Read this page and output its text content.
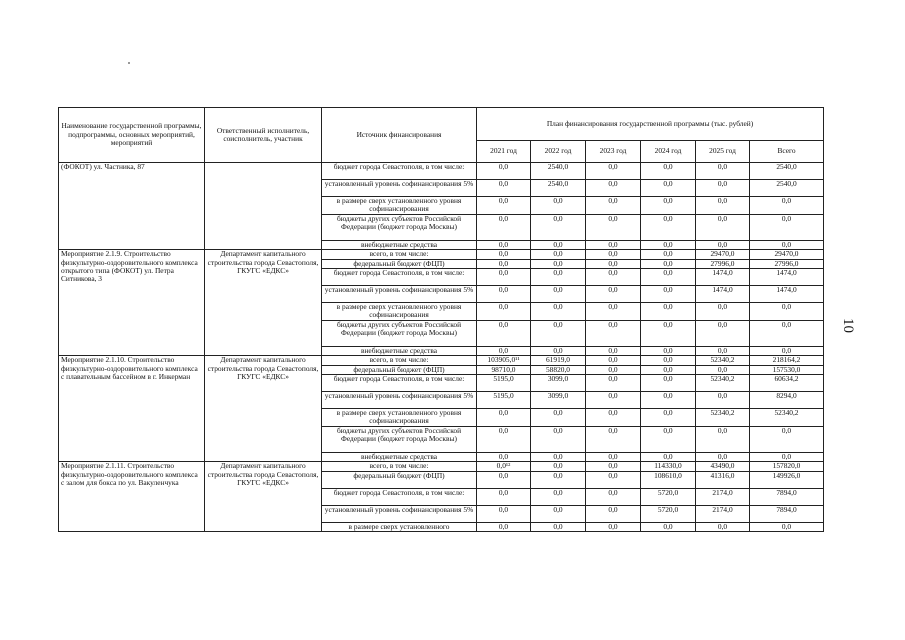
10
Наименование государственной программы, подпрограммы, основных мероприятий, мероприятий	Ответственный исполнитель, соисполнитель, участник	Источник финансирования	План финансирования государственной программы (тыс. рублей)					
			2021 год	2022 год	2023 год	2024 год	2025 год	Всего
(ФОКОТ) ул. Частника, 87		бюджет города Севастополя, в том числе:	0,0	2540,0	0,0	0,0	0,0	2540,0
		установленный уровень софинансирования 5%	0,0	2540,0	0,0	0,0	0,0	2540,0
		в размере сверх установленного уровня софинансирования	0,0	0,0	0,0	0,0	0,0	0,0
		бюджеты других субъектов Российской Федерации (бюджет города Москвы)	0,0	0,0	0,0	0,0	0,0	0,0
		внебюджетные средства	0,0	0,0	0,0	0,0	0,0	0,0
Мероприятие 2.1.9. Строительство физкультурно-оздоровительного комплекса открытого типа (ФОКОТ) ул. Петра Ситникова, 3	Департамент капитального строительства города Севастополя, ГКУГС «ЕДКС»	всего, в том числе:	0,0	0,0	0,0	0,0	29470,0	29470,0
		федеральный бюджет (ФЦП)	0,0	0,0	0,0	0,0	27996,0	27996,0
		бюджет города Севастополя, в том числе:	0,0	0,0	0,0	0,0	1474,0	1474,0
		установленный уровень софинансирования 5%	0,0	0,0	0,0	0,0	1474,0	1474,0
		в размере сверх установленного уровня софинансирования	0,0	0,0	0,0	0,0	0,0	0,0
		бюджеты других субъектов Российской Федерации (бюджет города Москвы)	0,0	0,0	0,0	0,0	0,0	0,0
		внебюджетные средства	0,0	0,0	0,0	0,0	0,0	0,0
Мероприятие 2.1.10. Строительство физкультурно-оздоровительного комплекса с плавательным бассейном в г. Инкерман	Департамент капитального строительства города Севастополя, ГКУГС «ЕДКС»	всего, в том числе:	103905,0¹¹	61919,0	0,0	0,0	52340,2	218164,2
		федеральный бюджет (ФЦП)	98710,0	58820,0	0,0	0,0	0,0	157530,0
		бюджет города Севастополя, в том числе:	5195,0	3099,0	0,0	0,0	52340,2	60634,2
		установленный уровень софинансирования 5%	5195,0	3099,0	0,0	0,0	0,0	8294,0
		в размере сверх установленного уровня софинансирования	0,0	0,0	0,0	0,0	52340,2	52340,2
		бюджеты других субъектов Российской Федерации (бюджет города Москвы)	0,0	0,0	0,0	0,0	0,0	0,0
		внебюджетные средства	0,0	0,0	0,0	0,0	0,0	0,0
Мероприятие 2.1.11. Строительство физкультурно-оздоровительного комплекса с залом для бокса по ул. Вакуленчука	Департамент капитального строительства города Севастополя, ГКУГС «ЕДКС»	всего, в том числе:	0,0¹²	0,0	0,0	114330,0	43490,0	157820,0
		федеральный бюджет (ФЦП)	0,0	0,0	0,0	108610,0	41316,0	149926,0
		бюджет города Севастополя, в том числе:	0,0	0,0	0,0	5720,0	2174,0	7894,0
		установленный уровень софинансирования 5%	0,0	0,0	0,0	5720,0	2174,0	7894,0
		в размере сверх установленного	0,0	0,0	0,0	0,0	0,0	0,0
